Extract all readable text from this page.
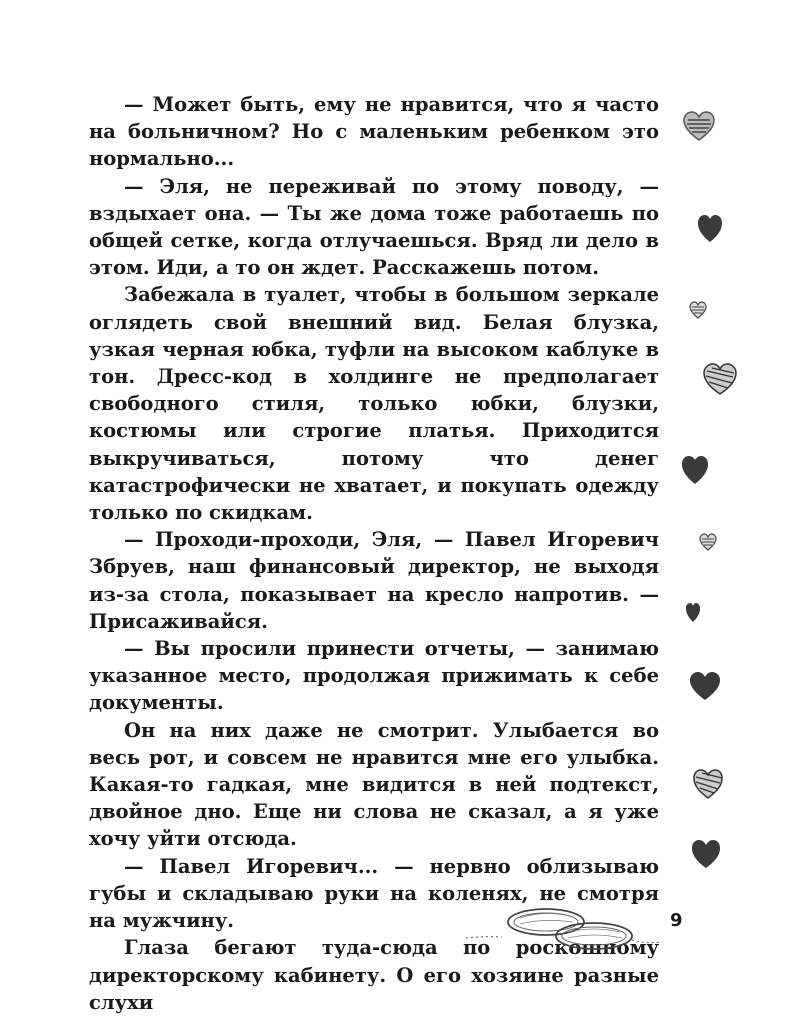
— Может быть, ему не нравится, что я часто на больничном? Но с маленьким ребенком это нормально...

— Эля, не переживай по этому поводу, — вздыхает она. — Ты же дома тоже работаешь по общей сетке, когда отлучаешься. Вряд ли дело в этом. Иди, а то он ждет. Расскажешь потом.

Забежала в туалет, чтобы в большом зеркале оглядеть свой внешний вид. Белая блузка, узкая черная юбка, туфли на высоком каблуке в тон. Дресс-код в холдинге не предполагает свободного стиля, только юбки, блузки, костюмы или строгие платья. Приходится выкручиваться, потому что денег катастрофически не хватает, и покупать одежду только по скидкам.

— Проходи-проходи, Эля, — Павел Игоревич Збруев, наш финансовый директор, не выходя из-за стола, показывает на кресло напротив. — Присаживайся.

— Вы просили принести отчеты, — занимаю указанное место, продолжая прижимать к себе документы.

Он на них даже не смотрит. Улыбается во весь рот, и совсем не нравится мне его улыбка. Какая-то гадкая, мне видится в ней подтекст, двойное дно. Еще ни слова не сказал, а я уже хочу уйти отсюда.

— Павел Игоревич... — нервно облизываю губы и складываю руки на коленях, не смотря на мужчину.

Глаза бегают туда-сюда по роскошному директорскому кабинету. О его хозяине разные слухи

9
